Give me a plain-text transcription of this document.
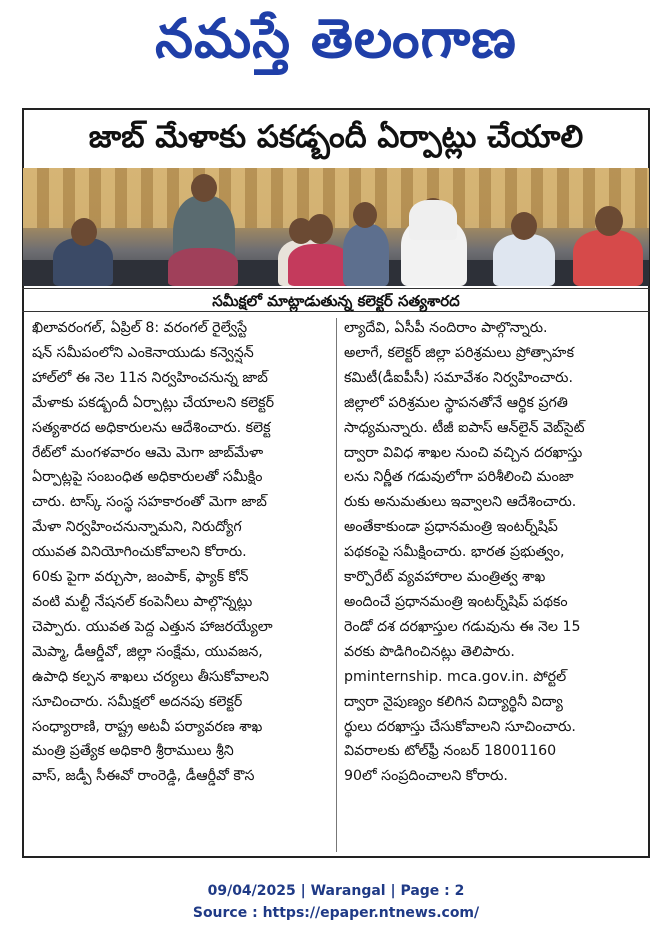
నమస్తే తెలంగాణ
జాబ్ మేళాకు పకడ్బందీ ఏర్పాట్లు చేయాలి
సమీక్షలో మాట్లాడుతున్న కలెక్టర్ సత్యశారద

ఖిలావరంగల్, ఏప్రిల్ 8: వరంగల్ రైల్వేస్టే

షన్ సమీపంలోని ఎంకెనాయుడు కన్వెన్షన్

హాల్‌లో ఈ నెల 11న నిర్వహించనున్న జాబ్

మేళాకు పకడ్బందీ ఏర్పాట్లు చేయాలని కలెక్టర్

సత్యశారద అధికారులను ఆదేశించారు. కలెక్ట

రేట్‌లో మంగళవారం ఆమె మెగా జాబ్‌మేళా

ఏర్పాట్లపై సంబంధిత అధికారులతో సమీక్షిం

చారు. టాస్క్ సంస్థ సహకారంతో మెగా జాబ్

మేళా నిర్వహించనున్నామని, నిరుద్యోగ

యువత వినియోగించుకోవాలని కోరారు.

60కు పైగా వర్చుసా, జంపాక్, ఫ్యాక్ కోన్

వంటి మల్టీ నేషనల్ కంపెనీలు పాల్గొన్నట్లు

చెప్పారు. యువత పెద్ద ఎత్తున హాజరయ్యేలా

మెప్మా, డీఆర్డీవో, జిల్లా సంక్షేమ, యువజన,

ఉపాధి కల్పన శాఖలు చర్యలు తీసుకోవాలని

సూచించారు. సమీక్షలో అదనపు కలెక్టర్

సంధ్యారాణి, రాష్ట్ర అటవీ పర్యావరణ శాఖ

మంత్రి ప్రత్యేక అధికారి శ్రీరాములు శ్రీని

వాస్, జడ్పీ సీఈవో రాంరెడ్డి, డీఆర్డీవో కౌస

ల్యాదేవి, ఏసీపీ నందిరాం పాల్గొన్నారు.

అలాగే, కలెక్టర్ జిల్లా పరిశ్రమలు ప్రోత్సాహక

కమిటీ(డీఐపీసీ) సమావేశం నిర్వహించారు.

జిల్లాలో పరిశ్రమల స్థాపనతోనే ఆర్థిక ప్రగతి

సాధ్యమన్నారు. టీజీ ఐపాస్ ఆన్‌లైన్ వెబ్‌సైట్

ద్వారా వివిధ శాఖల నుంచి వచ్చిన దరఖాస్తు

లను నిర్ణీత గడువులోగా పరిశీలించి మంజా

రుకు అనుమతులు ఇవ్వాలని ఆదేశించారు.

అంతేకాకుండా ప్రధానమంత్రి ఇంటర్న్‌షిప్

పథకంపై సమీక్షించారు. భారత ప్రభుత్వం,

కార్పొరేట్ వ్యవహారాల మంత్రిత్వ శాఖ

అందించే ప్రధానమంత్రి ఇంటర్న్‌షిప్ పథకం

రెండో దశ దరఖాస్తుల గడువును ఈ నెల 15

వరకు పొడిగించినట్లు తెలిపారు.

pminternship. mca.gov.in. పోర్టల్

ద్వారా నైపుణ్యం కలిగిన విద్యార్థినీ విద్యా

ర్థులు దరఖాస్తు చేసుకోవాలని సూచించారు.

వివరాలకు టోల్‌ఫ్రీ నంబర్ 18001160

90లో సంప్రదించాలని కోరారు.

09/04/2025 | Warangal | Page : 2
Source : https://epaper.ntnews.com/
